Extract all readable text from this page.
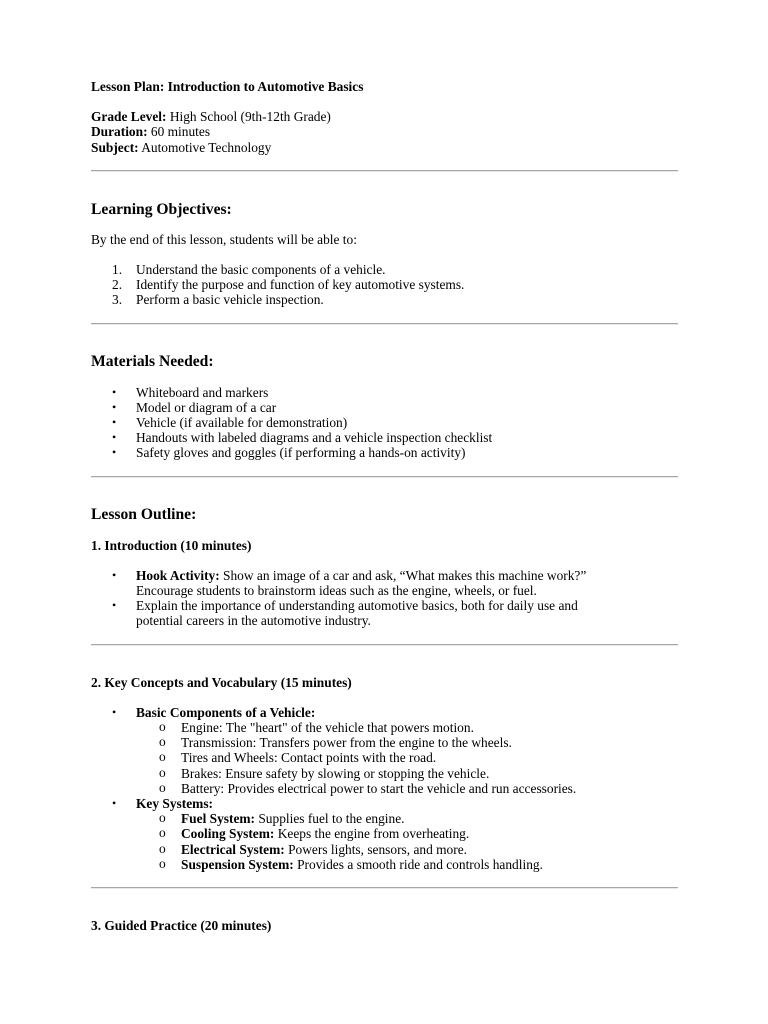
Lesson Plan: Introduction to Automotive Basics

Grade Level: High School (9th-12th Grade)

Duration: 60 minutes

Subject: Automotive Technology

Learning Objectives:

By the end of this lesson, students will be able to:

1. Understand the basic components of a vehicle.
2. Identify the purpose and function of key automotive systems.
3. Perform a basic vehicle inspection.
Materials Needed:
• Whiteboard and markers
• Model or diagram of a car
• Vehicle (if available for demonstration)
• Handouts with labeled diagrams and a vehicle inspection checklist
• Safety gloves and goggles (if performing a hands-on activity)
Lesson Outline:
1. Introduction (10 minutes)
• Hook Activity: Show an image of a car and ask, “What makes this machine work?”
Encourage students to brainstorm ideas such as the engine, wheels, or fuel.
• Explain the importance of understanding automotive basics, both for daily use and
potential careers in the automotive industry.
2. Key Concepts and Vocabulary (15 minutes)
• Basic Components of a Vehicle:
o Engine: The "heart" of the vehicle that powers motion.
o Transmission: Transfers power from the engine to the wheels.
o Tires and Wheels: Contact points with the road.
o Brakes: Ensure safety by slowing or stopping the vehicle.
o Battery: Provides electrical power to start the vehicle and run accessories.
• Key Systems:
o Fuel System: Supplies fuel to the engine.
o Cooling System: Keeps the engine from overheating.
o Electrical System: Powers lights, sensors, and more.
o Suspension System: Provides a smooth ride and controls handling.
3. Guided Practice (20 minutes)
